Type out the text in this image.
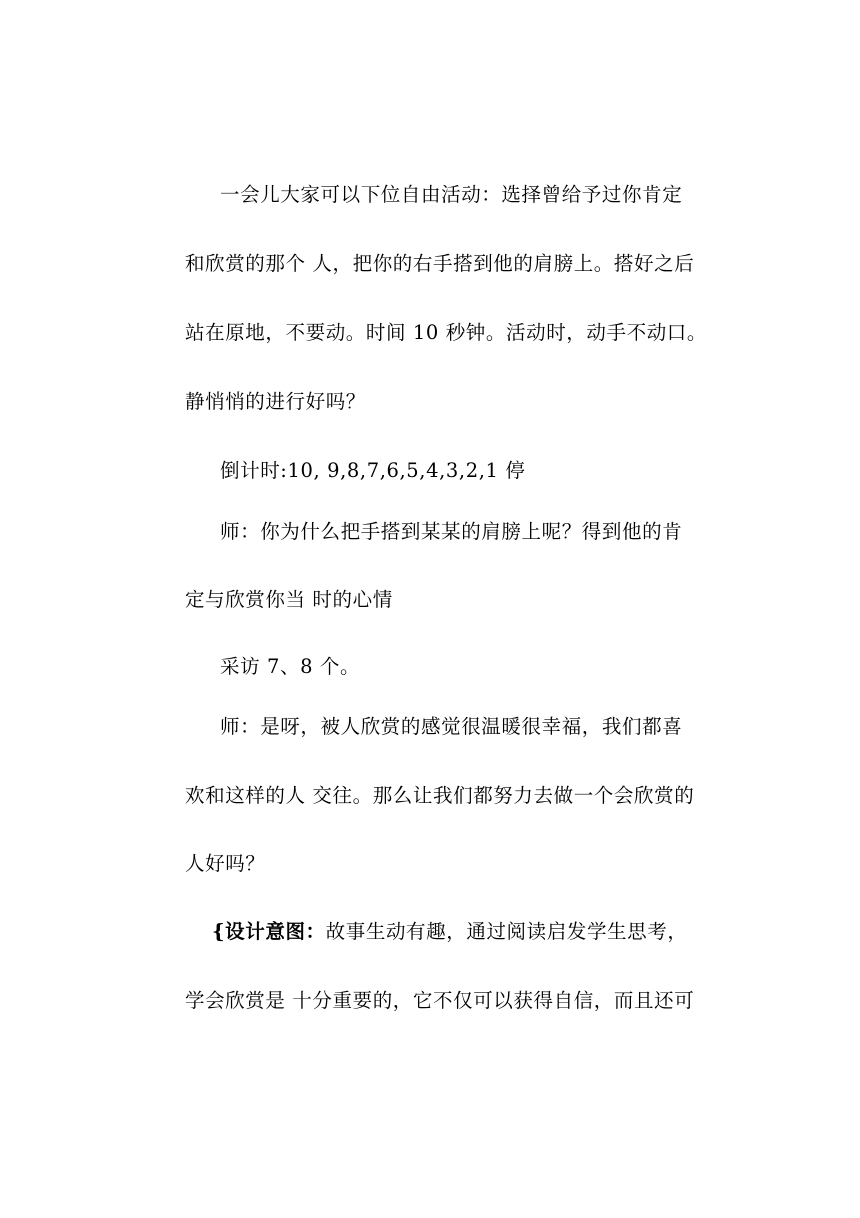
一会儿大家可以下位自由活动：选择曾给予过你肯定
和欣赏的那个 人，把你的右手搭到他的肩膀上。搭好之后
站在原地，不要动。时间 10 秒钟。活动时，动手不动口。
静悄悄的进行好吗？
倒计时:10, 9,8,7,6,5,4,3,2,1 停
师：你为什么把手搭到某某的肩膀上呢？得到他的肯
定与欣赏你当 时的心情
采访 7、8 个。
师：是呀，被人欣赏的感觉很温暖很幸福，我们都喜
欢和这样的人 交往。那么让我们都努力去做一个会欣赏的
人好吗？
{设计意图：故事生动有趣，通过阅读启发学生思考，
学会欣赏是 十分重要的，它不仅可以获得自信，而且还可
